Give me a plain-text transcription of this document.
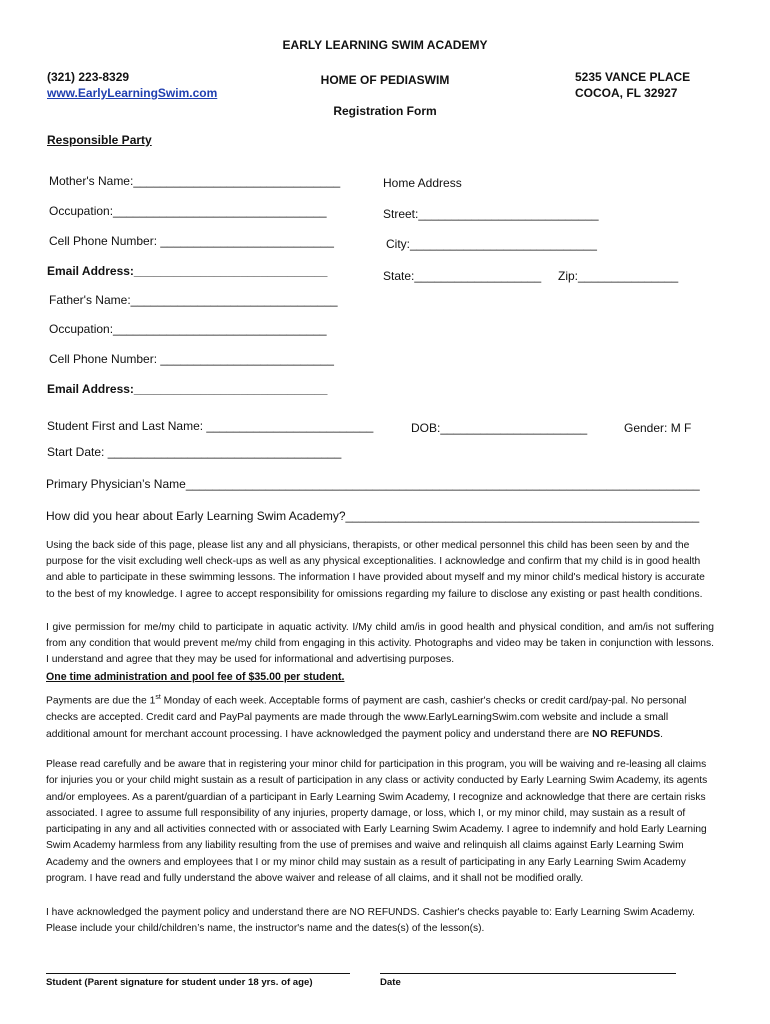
EARLY LEARNING SWIM ACADEMY
(321) 223-8329
www.EarlyLearningSwim.com
HOME OF PEDIASWIM
Registration Form
5235 VANCE PLACE
COCOA, FL 32927
Responsible Party
Mother's Name:_______________________________
Occupation:________________________________
Cell Phone Number: __________________________
Email Address:_____________________________
Father's Name:_______________________________
Occupation:________________________________
Cell Phone Number: __________________________
Email Address:_____________________________
Home Address
Street:___________________________
City:____________________________
State:___________________ Zip:_______________
Student First and Last Name: _________________________	DOB:______________________	Gender: M F
Start Date: ___________________________________
Primary Physician’s Name_____________________________________________________________________________
How did you hear about Early Learning Swim Academy?_____________________________________________________
Using the back side of this page, please list any and all physicians, therapists, or other medical personnel this child has been seen by and the purpose for the visit excluding well check-ups as well as any physical exceptionalities. I acknowledge and confirm that my child is in good health and able to participate in these swimming lessons. The information I have provided about myself and my minor child's medical history is accurate to the best of my knowledge. I agree to accept responsibility for omissions regarding my failure to disclose any existing or past health conditions.
I give permission for me/my child to participate in aquatic activity. I/My child am/is in good health and physical condition, and am/is not suffering from any condition that would prevent me/my child from engaging in this activity. Photographs and video may be taken in conjunction with lessons. I understand and agree that they may be used for informational and advertising purposes.
One time administration and pool fee of $35.00 per student.
Payments are due the 1st Monday of each week. Acceptable forms of payment are cash, cashier's checks or credit card/pay-pal. No personal checks are accepted. Credit card and PayPal payments are made through the www.EarlyLearningSwim.com website and include a small additional amount for merchant account processing. I have acknowledged the payment policy and understand there are NO REFUNDS.
Please read carefully and be aware that in registering your minor child for participation in this program, you will be waiving and re-leasing all claims for injuries you or your child might sustain as a result of participation in any class or activity conducted by Early Learning Swim Academy, its agents and/or employees. As a parent/guardian of a participant in Early Learning Swim Academy, I recognize and acknowledge that there are certain risks associated. I agree to assume full responsibility of any injuries, property damage, or loss, which I, or my minor child, may sustain as a result of participating in any and all activities connected with or associated with Early Learning Swim Academy. I agree to indemnify and hold Early Learning Swim Academy harmless from any liability resulting from the use of premises and waive and relinquish all claims against Early Learning Swim Academy and the owners and employees that I or my minor child may sustain as a result of participating in any Early Learning Swim Academy program. I have read and fully understand the above waiver and release of all claims, and it shall not be modified orally.
I have acknowledged the payment policy and understand there are NO REFUNDS. Cashier's checks payable to: Early Learning Swim Academy. Please include your child/children’s name, the instructor's name and the dates(s) of the lesson(s).
Student (Parent signature for student under 18 yrs. of age)	Date
